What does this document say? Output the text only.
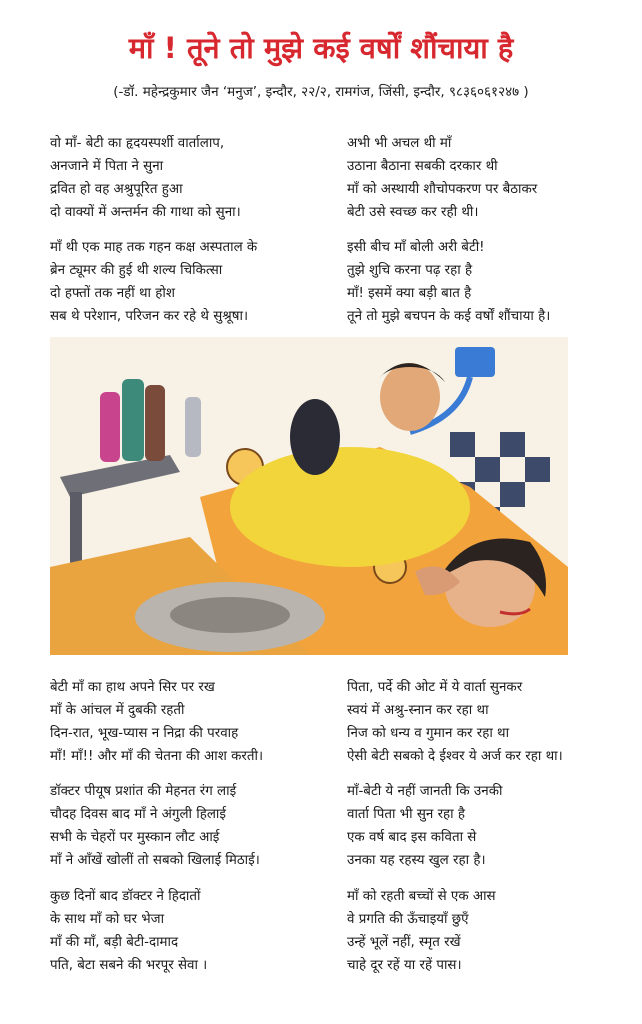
माँ ! तूने तो मुझे कई वर्षों शौंचाया है
(-डॉ. महेन्द्रकुमार जैन ‘मनुज’, इन्दौर, २२/२, रामगंज, जिंसी, इन्दौर, ९८३६०६१२४७ )
वो माँ- बेटी का हृदयस्पर्शी वार्तालाप,
अनजाने में पिता ने सुना
द्रवित हो वह अश्रुपूरित हुआ
दो वाक्यों में अन्तर्मन की गाथा को सुना।
माँ थी एक माह तक गहन कक्ष अस्पताल के
ब्रेन ट्यूमर की हुई थी शल्य चिकित्सा
दो हफ्तों तक नहीं था होश
सब थे परेशान, परिजन कर रहे थे सुश्रूषा।
अभी भी अचल थी माँ
उठाना बैठाना सबकी दरकार थी
माँ को अस्थायी शौचोपकरण पर बैठाकर
बेटी उसे स्वच्छ कर रही थी।
इसी बीच माँ बोली अरी बेटी!
तुझे शुचि करना पढ़ रहा है
माँ! इसमें क्या बड़ी बात है
तूने तो मुझे बचपन के कई वर्षों शौंचाया है।
बेटी माँ का हाथ अपने सिर पर रख
माँ के आंचल में दुबकी रहती
दिन-रात, भूख-प्यास न निद्रा की परवाह
माँ! माँ!! और माँ की चेतना की आश करती।
डॉक्टर पीयूष प्रशांत की मेहनत रंग लाई
चौदह दिवस बाद माँ ने अंगुली हिलाई
सभी के चेहरों पर मुस्कान लौट आई
माँ ने आँखें खोलीं तो सबको खिलाई मिठाई।
कुछ दिनों बाद डॉक्टर ने हिदातों
के साथ माँ को घर भेजा
माँ की माँ, बड़ी बेटी-दामाद
पति, बेटा सबने की भरपूर सेवा ।
पिता, पर्दे की ओट में ये वार्ता सुनकर
स्वयं में अश्रु-स्नान कर रहा था
निज को धन्य व गुमान कर रहा था
ऐसी बेटी सबको दे ईश्वर ये अर्ज कर रहा था।
माँ-बेटी ये नहीं जानती कि उनकी
वार्ता पिता भी सुन रहा है
एक वर्ष बाद इस कविता से
उनका यह रहस्य खुल रहा है।
माँ को रहती बच्चों से एक आस
वे प्रगति की ऊँचाइयाँ छुएँ
उन्हें भूलें नहीं, स्मृत रखें
चाहे दूर रहें या रहें पास।
